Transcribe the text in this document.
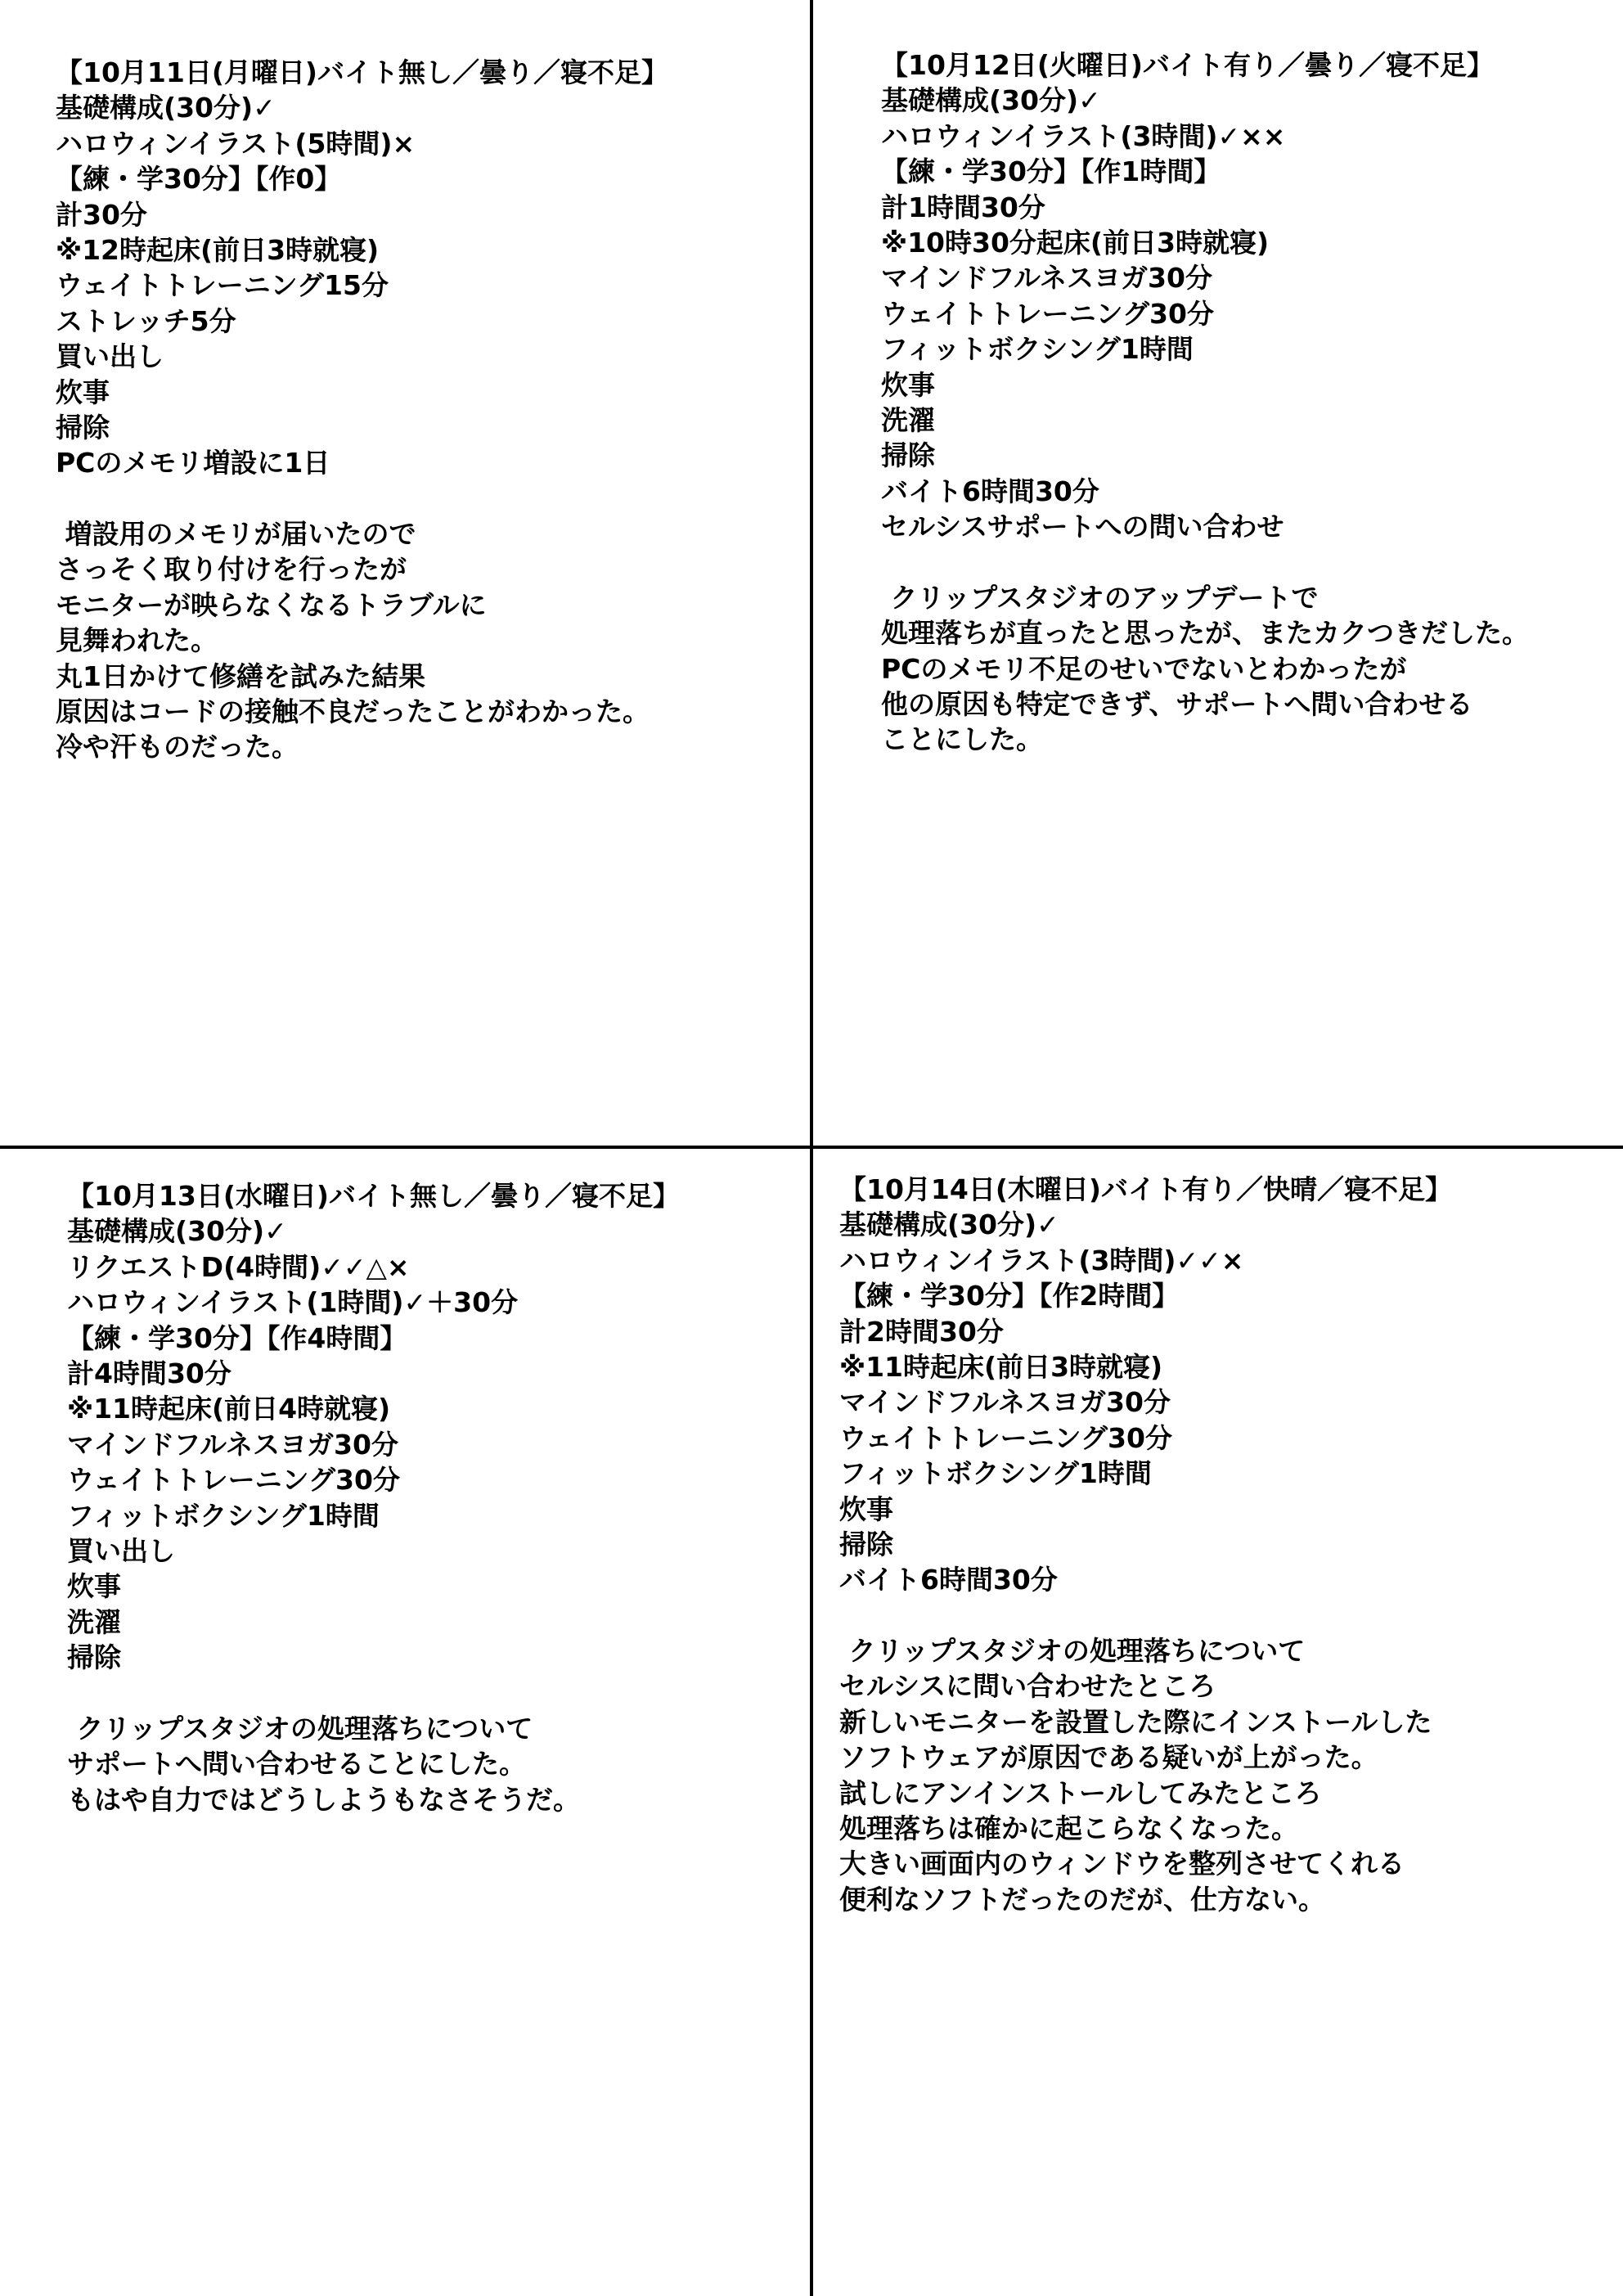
【10月11日(月曜日)バイト無し／曇り／寝不足】
基礎構成(30分)✓
ハロウィンイラスト(5時間)×
【練・学30分】【作0】
計30分
※12時起床(前日3時就寝)
ウェイトトレーニング15分
ストレッチ5分
買い出し
炊事
掃除
PCのメモリ増設に1日
増設用のメモリが届いたので
さっそく取り付けを行ったが
モニターが映らなくなるトラブルに
見舞われた。
丸1日かけて修繕を試みた結果
原因はコードの接触不良だったことがわかった。
冷や汗ものだった。
【10月12日(火曜日)バイト有り／曇り／寝不足】
基礎構成(30分)✓
ハロウィンイラスト(3時間)✓××
【練・学30分】【作1時間】
計1時間30分
※10時30分起床(前日3時就寝)
マインドフルネスヨガ30分
ウェイトトレーニング30分
フィットボクシング1時間
炊事
洗濯
掃除
バイト6時間30分
セルシスサポートへの問い合わせ
クリップスタジオのアップデートで
処理落ちが直ったと思ったが、またカクつきだした。
PCのメモリ不足のせいでないとわかったが
他の原因も特定できず、サポートへ問い合わせる
ことにした。
【10月13日(水曜日)バイト無し／曇り／寝不足】
基礎構成(30分)✓
リクエストD(4時間)✓✓△×
ハロウィンイラスト(1時間)✓＋30分
【練・学30分】【作4時間】
計4時間30分
※11時起床(前日4時就寝)
マインドフルネスヨガ30分
ウェイトトレーニング30分
フィットボクシング1時間
買い出し
炊事
洗濯
掃除
クリップスタジオの処理落ちについて
サポートへ問い合わせることにした。
もはや自力ではどうしようもなさそうだ。
【10月14日(木曜日)バイト有り／快晴／寝不足】
基礎構成(30分)✓
ハロウィンイラスト(3時間)✓✓×
【練・学30分】【作2時間】
計2時間30分
※11時起床(前日3時就寝)
マインドフルネスヨガ30分
ウェイトトレーニング30分
フィットボクシング1時間
炊事
掃除
バイト6時間30分
クリップスタジオの処理落ちについて
セルシスに問い合わせたところ
新しいモニターを設置した際にインストールした
ソフトウェアが原因である疑いが上がった。
試しにアンインストールしてみたところ
処理落ちは確かに起こらなくなった。
大きい画面内のウィンドウを整列させてくれる
便利なソフトだったのだが、仕方ない。
